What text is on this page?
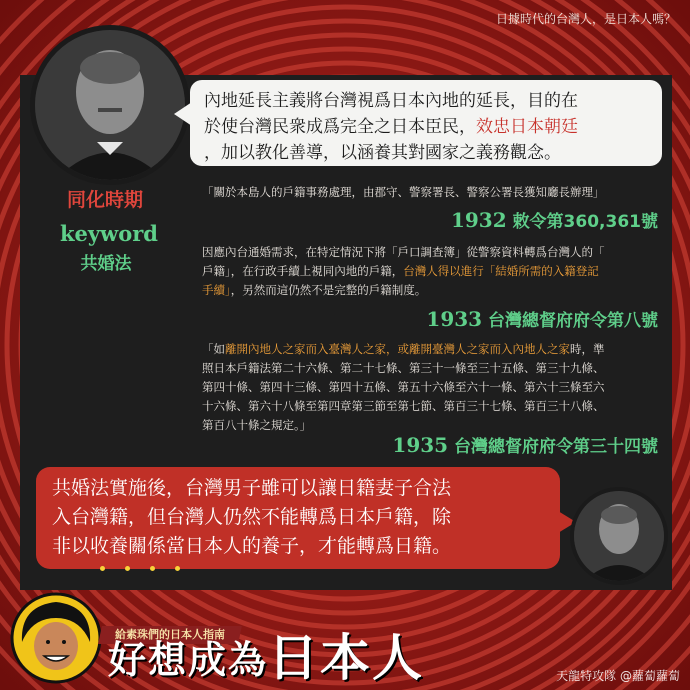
日據時代的台灣人，是日本人嗎？
內地延長主義將台灣視爲日本內地的延長，目的在
於使台灣民衆成爲完全之日本臣民，效忠日本朝廷
，加以教化善導，以涵養其對國家之義務觀念。
同化時期
keyword
共婚法
「關於本島人的戶籍事務處理，由郡守、警察署長、警察公署長獲知廳長辦理」
1932 敕令第360,361號
因應內台通婚需求，在特定情況下將「戶口調查簿」從警察資料轉爲台灣人的「
戶籍」，在行政手續上視同內地的戶籍，台灣人得以進行「結婚所需的入籍登記
手續」，另然而這仍然不是完整的戶籍制度。
1933 台灣總督府府令第八號
「如離開內地人之家而入臺灣人之家，或離開臺灣人之家而入內地人之家時，準
照日本戶籍法第二十六條、第二十七條、第三十一條至三十五條、第三十九條、
第四十條、第四十三條、第四十五條、第五十六條至六十一條、第六十三條至六
十六條、第六十八條至第四章第三節至第七節、第百三十七條、第百三十八條、
第百八十條之規定。」
1935 台灣總督府府令第三十四號
共婚法實施後，台灣男子雖可以讓日籍妻子合法
入台灣籍，但台灣人仍然不能轉爲日本戶籍，除
非以收養關係當日本人的養子，才能轉爲日籍。
給素珠們的日本人指南
好想成為日本人	天龍特攻隊 @蘿蔔蘿蔔
